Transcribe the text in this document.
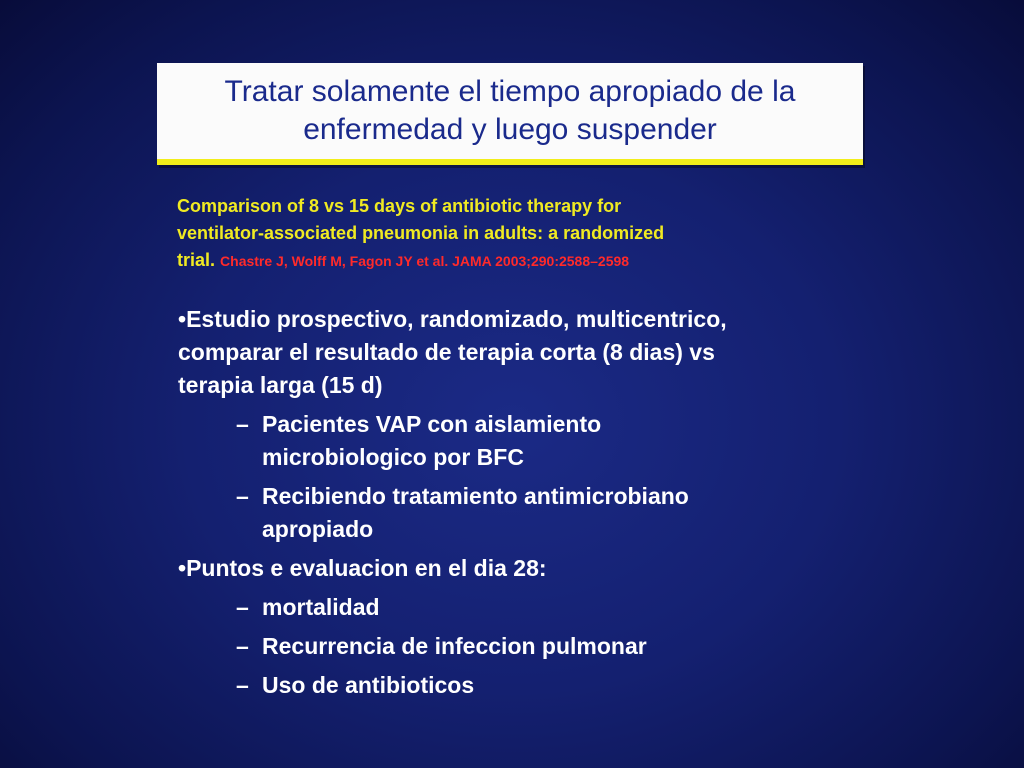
Tratar solamente el tiempo apropiado de la
enfermedad y luego suspender
Comparison of 8 vs 15 days of antibiotic therapy for
ventilator-associated pneumonia in adults: a randomized
trial. Chastre J, Wolff M, Fagon JY et al. JAMA 2003;290:2588–2598
•Estudio prospectivo, randomizado, multicentrico,
comparar el resultado de terapia corta (8 dias) vs
terapia larga (15 d)
– Pacientes VAP con aislamiento
microbiologico por BFC
– Recibiendo tratamiento antimicrobiano
apropiado
•Puntos e evaluacion en el dia 28:
– mortalidad
– Recurrencia de infeccion pulmonar
– Uso de antibioticos
